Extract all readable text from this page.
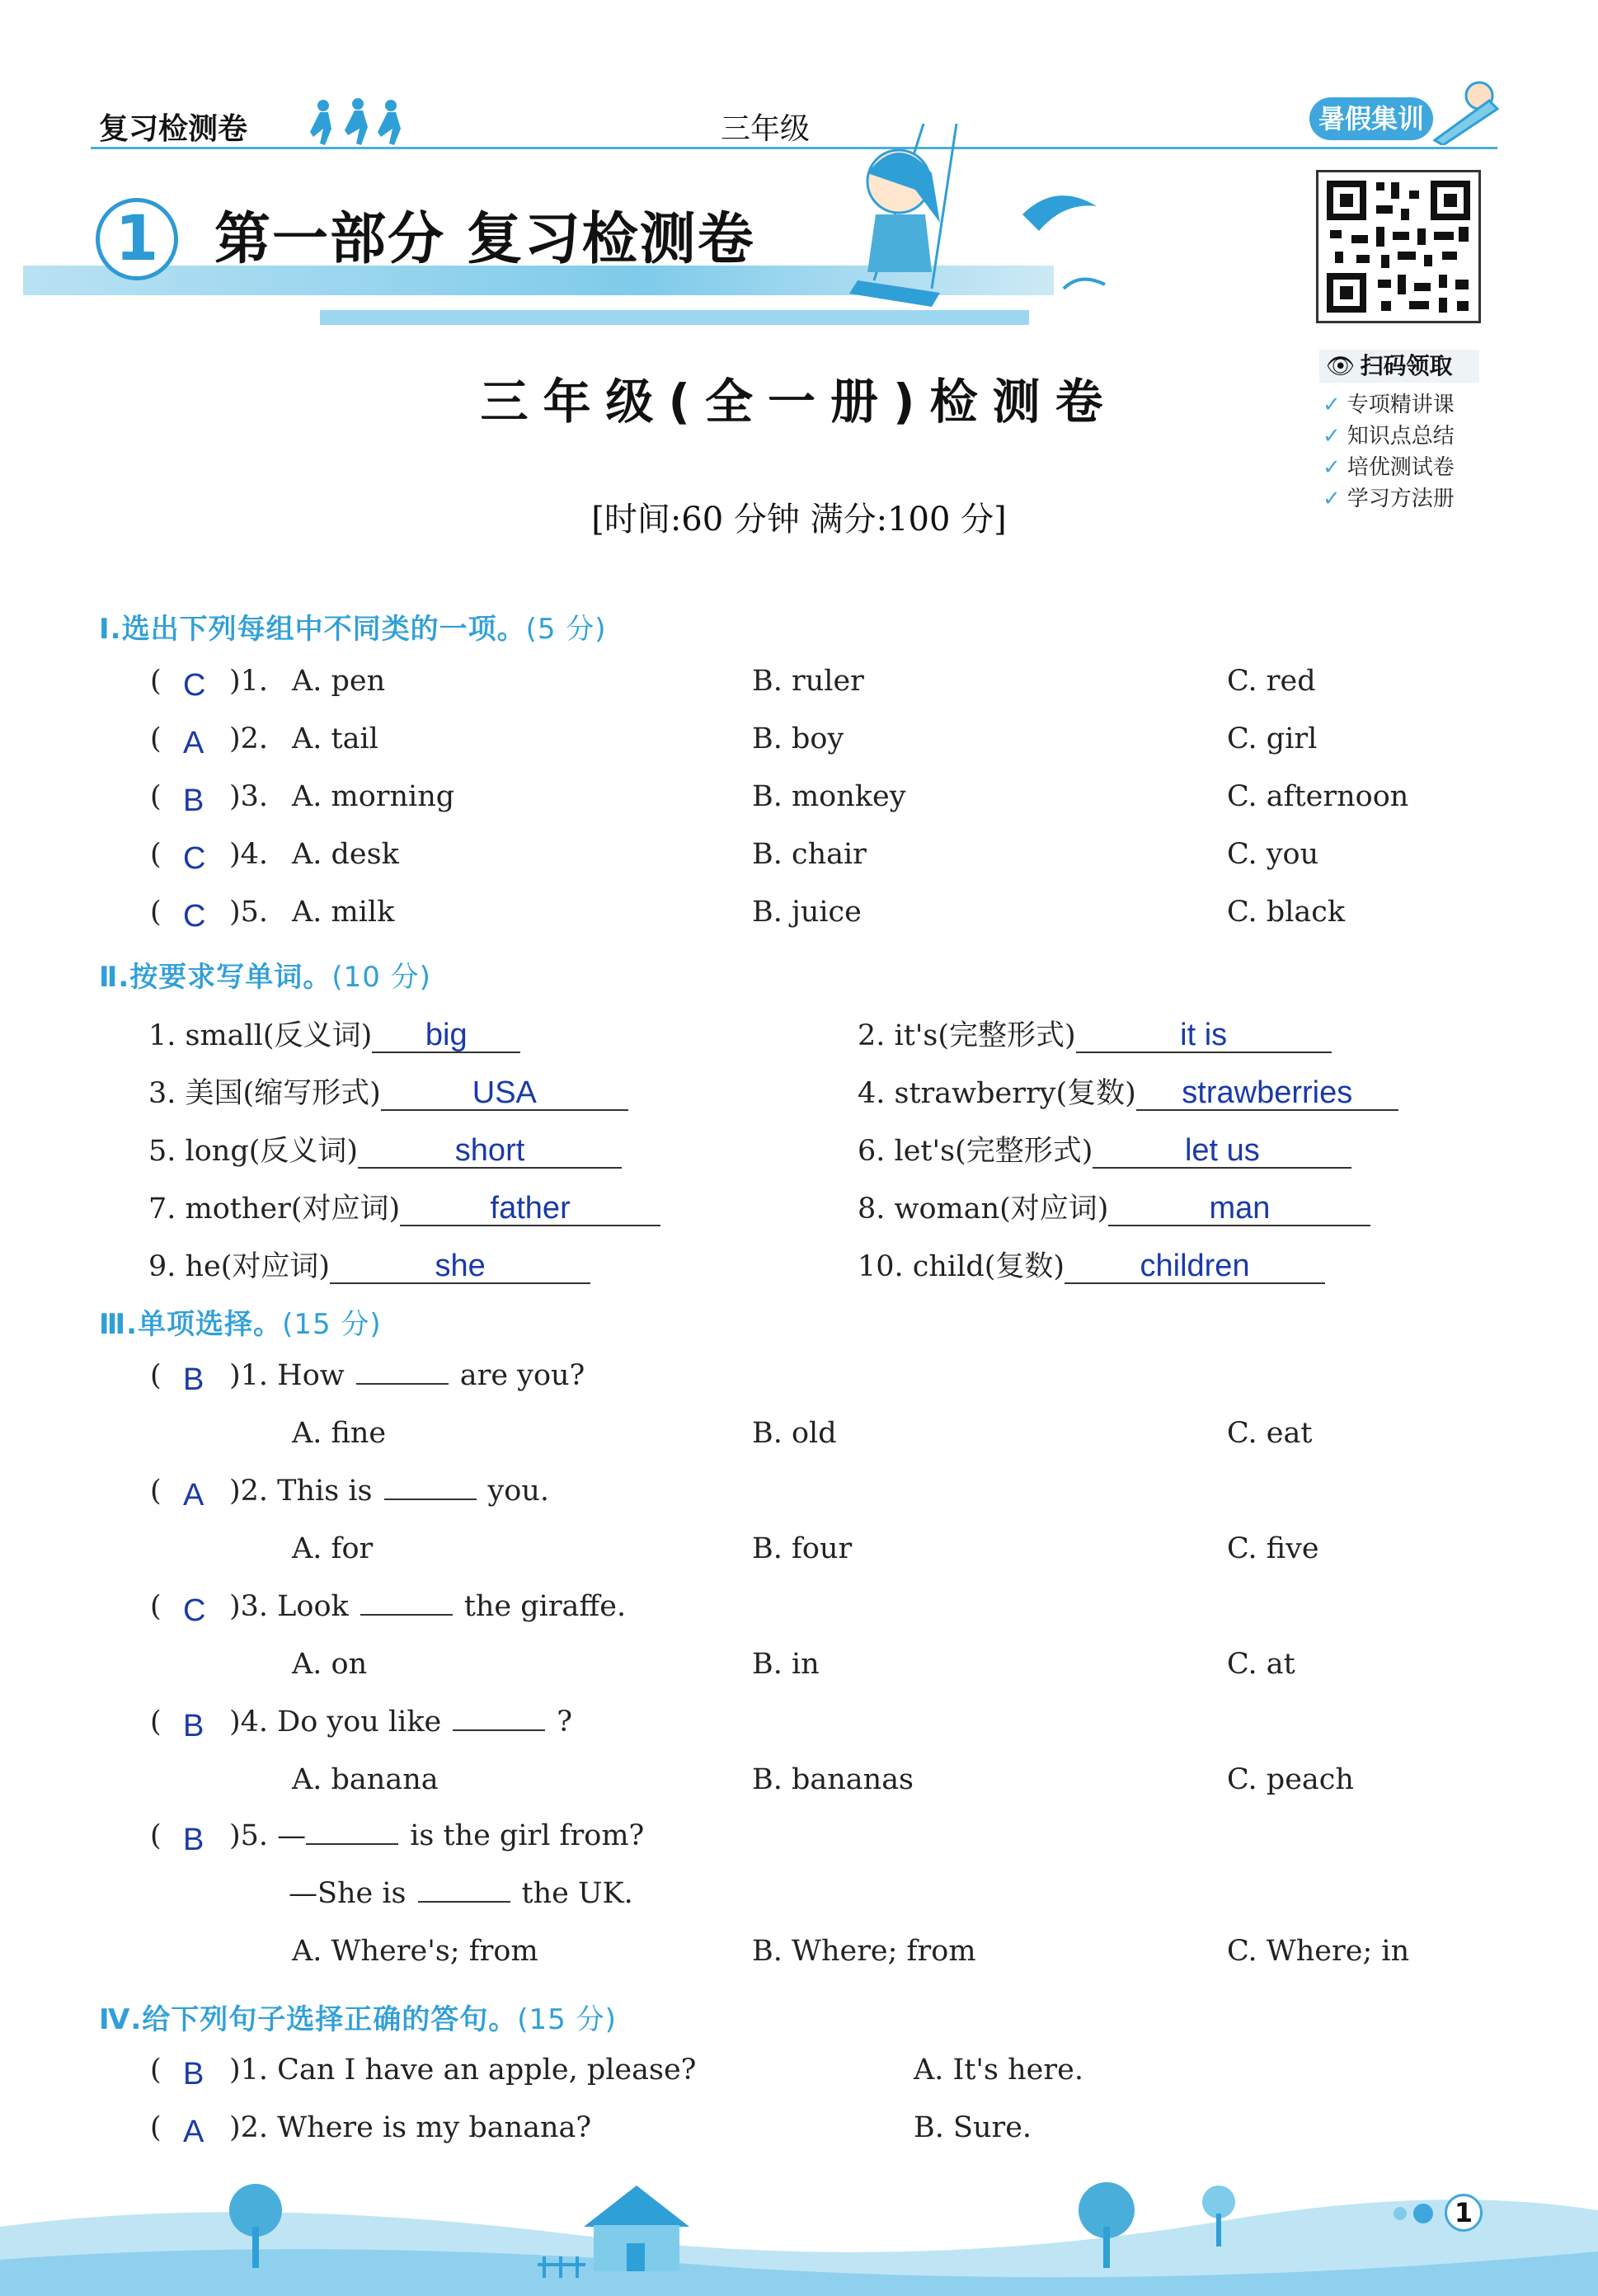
复习检测卷	三年级	暑假集训
1 第一部分 复习检测卷
👁 扫码领取
✓ 专项精讲课
✓ 知识点总结
✓ 培优测试卷
✓ 学习方法册
三年级(全一册)检测卷
[时间:60 分钟 满分:100 分]
Ⅰ.选出下列每组中不同类的一项。(5 分)
Ⅱ.按要求写单词。(10 分)
Ⅲ.单项选择。(15 分)
Ⅳ.给下列句子选择正确的答句。(15 分)
( C )1. A. pen	B. ruler	C. red
( A )2. A. tail	B. boy	C. girl
( B )3. A. morning	B. monkey	C. afternoon
( C )4. A. desk	B. chair	C. you
( C )5. A. milk	B. juice	C. black
1. small(反义词) big	2. it's(完整形式)	it is
3. 美国(缩写形式)	USA	4. strawberry(复数) strawberries
5. long(反义词)	short	6. let's(完整形式)	let us
7. mother(对应词)	father	8. woman(对应词)	man
9. he(对应词)	she	10. child(复数) children
( B )1. How	are you?
A. fine	B. old	C. eat
( A )2. This is	you.
A. for	B. four	C. five
( C )3. Look	the giraffe.
A. on	B. in	C. at
( B )4. Do you like	?
A. banana	B. bananas	C. peach
( B )5. —	is the girl from?
—She is	the UK.
A. Where's; from	B. Where; from	C. Where; in
( B )1. Can I have an apple, please?	A. It's here.
( A )2. Where is my banana?	B. Sure.
1
